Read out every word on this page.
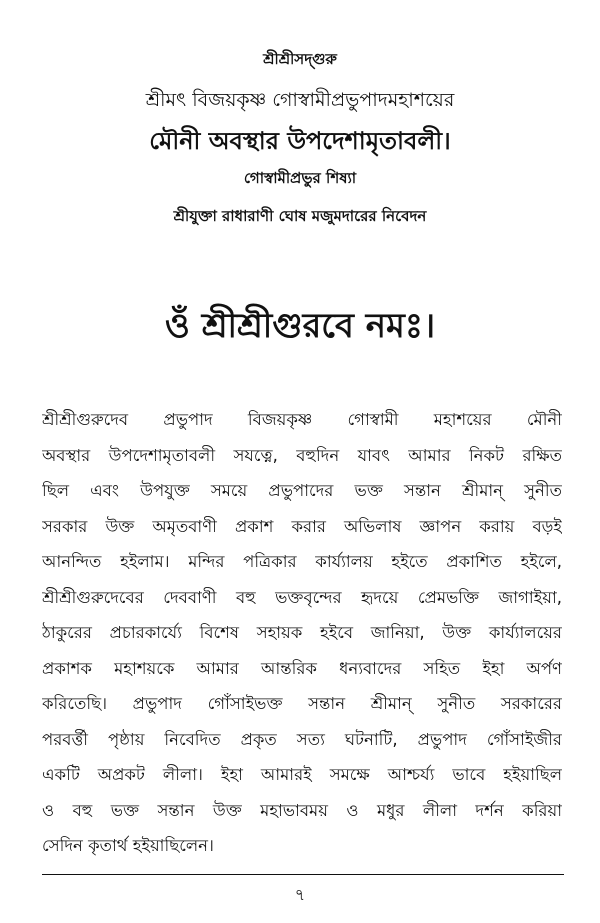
শ্রীশ্রীসদ্গুরু
শ্রীমৎ বিজয়কৃষ্ণ গোস্বামীপ্রভুপাদমহাশয়ের
মৌনী অবস্থার উপদেশামৃতাবলী।
গোস্বামীপ্রভুর শিষ্যা
শ্রীযুক্তা রাধারাণী ঘোষ মজুমদারের নিবেদন
ওঁ শ্রীশ্রীগুরবে নমঃ।
শ্রীশ্রীগুরুদেব প্রভুপাদ বিজয়কৃষ্ণ গোস্বামী মহাশয়ের মৌনী
অবস্থার উপদেশামৃতাবলী সযত্নে, বহুদিন যাবৎ আমার নিকট রক্ষিত
ছিল এবং উপযুক্ত সময়ে প্রভুপাদের ভক্ত সন্তান শ্রীমান্ সুনীত
সরকার উক্ত অমৃতবাণী প্রকাশ করার অভিলাষ জ্ঞাপন করায় বড়ই
আনন্দিত হইলাম। মন্দির পত্রিকার কার্য্যালয় হইতে প্রকাশিত হইলে,
শ্রীশ্রীগুরুদেবের দেববাণী বহু ভক্তবৃন্দের হৃদয়ে প্রেমভক্তি জাগাইয়া,
ঠাকুরের প্রচারকার্য্যে বিশেষ সহায়ক হইবে জানিয়া, উক্ত কার্য্যালয়ের
প্রকাশক মহাশয়কে আমার আন্তরিক ধন্যবাদের সহিত ইহা অর্পণ
করিতেছি। প্রভুপাদ গোঁসাইভক্ত সন্তান শ্রীমান্ সুনীত সরকারের
পরবর্ত্তী পৃষ্ঠায় নিবেদিত প্রকৃত সত্য ঘটনাটি, প্রভুপাদ গোঁসাইজীর
একটি অপ্রকট লীলা। ইহা আমারই সমক্ষে আশ্চর্য্য ভাবে হইয়াছিল
ও বহু ভক্ত সন্তান উক্ত মহাভাবময় ও মধুর লীলা দর্শন করিয়া
সেদিন কৃতার্থ হইয়াছিলেন।
৭
